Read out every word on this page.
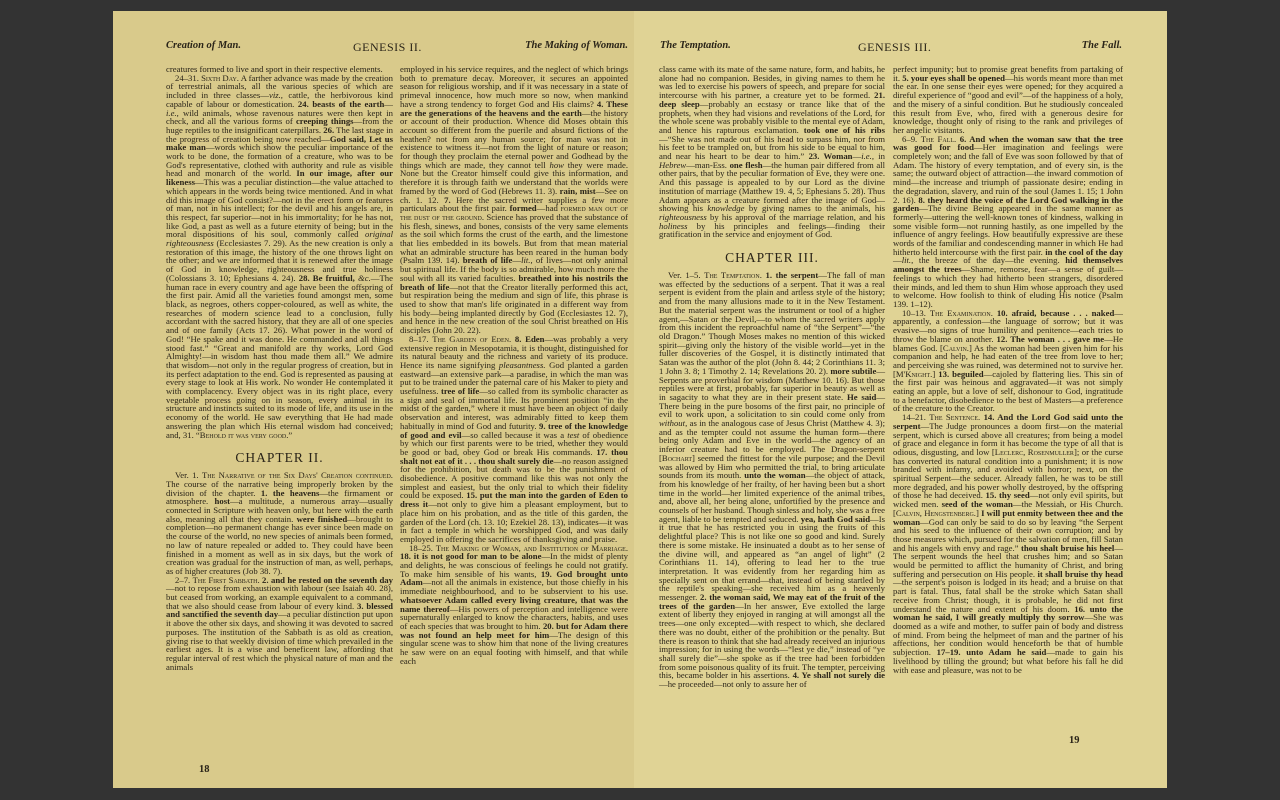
Creation of Man.	GENESIS II.	The Making of Woman.	The Temptation.	GENESIS III.	The Fall.

creatures formed to live and sport in their respective elements.

24–31. Sixth Day. A farther advance was made by the creation of terrestrial animals, all the various species of which are included in three classes—viz., cattle, the herbivorous kind capable of labour or domestication. 24. beasts of the earth—i.e., wild animals, whose ravenous natures were then kept in check, and all the various forms of creeping things—from the huge reptiles to the insignificant caterpillars. 26. The last stage in the progress of creation being now reached—God said, Let us make man—words which show the peculiar importance of the work to be done, the formation of a creature, who was to be God's representative, clothed with authority and rule as visible head and monarch of the world. In our image, after our likeness—This was a peculiar distinction—the value attached to which appears in the words being twice mentioned. And in what did this image of God consist?—not in the erect form or features of man, not in his intellect; for the devil and his angels are, in this respect, far superior—not in his immortality; for he has not, like God, a past as well as a future eternity of being; but in the moral dispositions of his soul, commonly called original righteousness (Ecclesiastes 7. 29). As the new creation is only a restoration of this image, the history of the one throws light on the other; and we are informed that it is renewed after the image of God in knowledge, righteousness and true holiness (Colossians 3. 10; Ephesians 4. 24). 28. Be fruitful, &c.—The human race in every country and age have been the offspring of the first pair. Amid all the varieties found amongst men, some black, as negroes, others copper-coloured, as well as white, the researches of modern science lead to a conclusion, fully accordant with the sacred history, that they are all of one species and of one family (Acts 17. 26). What power in the word of God! “He spake and it was done. He commanded and all things stood fast.” “Great and manifold are thy works, Lord God Almighty!—in wisdom hast thou made them all.” We admire that wisdom—not only in the regular progress of creation, but in its perfect adaptation to the end. God is represented as pausing at every stage to look at His work. No wonder He contemplated it with complacency. Every object was in its right place, every vegetable process going on in season, every animal in its structure and instincts suited to its mode of life, and its use in the economy of the world. He saw everything that He had made answering the plan which His eternal wisdom had conceived; and, 31. “Behold it was very good.”

CHAPTER II.

Ver. 1. The Narrative of the Six Days' Creation continued. The course of the narrative being improperly broken by the division of the chapter. 1. the heavens—the firmament or atmosphere. host—a multitude, a numerous array—usually connected in Scripture with heaven only, but here with the earth also, meaning all that they contain. were finished—brought to completion—no permanent change has ever since been made on the course of the world, no new species of animals been formed, no law of nature repealed or added to. They could have been finished in a moment as well as in six days, but the work of creation was gradual for the instruction of man, as well, perhaps, as of higher creatures (Job 38. 7).

2–7. The First Sabbath. 2. and he rested on the seventh day—not to repose from exhaustion with labour (see Isaiah 40. 28), but ceased from working, an example equivalent to a command, that we also should cease from labour of every kind. 3. blessed and sanctified the seventh day—a peculiar distinction put upon it above the other six days, and showing it was devoted to sacred purposes. The institution of the Sabbath is as old as creation, giving rise to that weekly division of time which prevailed in the earliest ages. It is a wise and beneficent law, affording that regular interval of rest which the physical nature of man and the animals

employed in his service requires, and the neglect of which brings both to premature decay. Moreover, it secures an appointed season for religious worship, and if it was necessary in a state of primeval innocence, how much more so now, when mankind have a strong tendency to forget God and His claims? 4. These are the generations of the heavens and the earth—the history or account of their production. Whence did Moses obtain this account so different from the puerile and absurd fictions of the heathen? not from any human source; for man was not in existence to witness it—not from the light of nature or reason; for though they proclaim the eternal power and Godhead by the things which are made, they cannot tell how they were made. None but the Creator himself could give this information, and therefore it is through faith we understand that the worlds were framed by the word of God (Hebrews 11. 3). rain, mist—See on ch. 1. 12. 7. Here the sacred writer supplies a few more particulars about the first pair. formed—had formed man out of the dust of the ground. Science has proved that the substance of his flesh, sinews, and bones, consists of the very same elements as the soil which forms the crust of the earth, and the limestone that lies embedded in its bowels. But from that mean material what an admirable structure has been reared in the human body (Psalm 139. 14). breath of life—lit., of lives—not only animal but spiritual life. If the body is so admirable, how much more the soul with all its varied faculties. breathed into his nostrils the breath of life—not that the Creator literally performed this act, but respiration being the medium and sign of life, this phrase is used to show that man's life originated in a different way from his body—being implanted directly by God (Ecclesiastes 12. 7), and hence in the new creation of the soul Christ breathed on His disciples (John 20. 22).

8–17. The Garden of Eden. 8. Eden—was probably a very extensive region in Mesopotamia, it is thought, distinguished for its natural beauty and the richness and variety of its produce. Hence its name signifying pleasantness. God planted a garden eastward—an extensive park—a paradise, in which the man was put to be trained under the paternal care of his Maker to piety and usefulness. tree of life—so called from its symbolic character as a sign and seal of immortal life. Its prominent position “in the midst of the garden,” where it must have been an object of daily observation and interest, was admirably fitted to keep them habitually in mind of God and futurity. 9. tree of the knowledge of good and evil—so called because it was a test of obedience by which our first parents were to be tried, whether they would be good or bad, obey God or break His commands. 17. thou shalt not eat of it . . . thou shalt surely die—no reason assigned for the prohibition, but death was to be the punishment of disobedience. A positive command like this was not only the simplest and easiest, but the only trial to which their fidelity could be exposed. 15. put the man into the garden of Eden to dress it—not only to give him a pleasant employment, but to place him on his probation, and as the title of this garden, the garden of the Lord (ch. 13. 10; Ezekiel 28. 13), indicates—it was in fact a temple in which he worshipped God, and was daily employed in offering the sacrifices of thanksgiving and praise.

18–25. The Making of Woman, and Institution of Marriage. 18. it is not good for man to be alone—In the midst of plenty and delights, he was conscious of feelings he could not gratify. To make him sensible of his wants, 19. God brought unto Adam—not all the animals in existence, but those chiefly in his immediate neighbourhood, and to be subservient to his use. whatsoever Adam called every living creature, that was the name thereof—His powers of perception and intelligence were supernaturally enlarged to know the characters, habits, and uses of each species that was brought to him. 20. but for Adam there was not found an help meet for him—The design of this singular scene was to show him that none of the living creatures he saw were on an equal footing with himself, and that while each

class came with its mate of the same nature, form, and habits, he alone had no companion. Besides, in giving names to them he was led to exercise his powers of speech, and prepare for social intercourse with his partner, a creature yet to be formed. 21. deep sleep—probably an ecstasy or trance like that of the prophets, when they had visions and revelations of the Lord, for the whole scene was probably visible to the mental eye of Adam, and hence his rapturous exclamation. took one of his ribs—“She was not made out of his head to surpass him, nor from his feet to be trampled on, but from his side to be equal to him, and near his heart to be dear to him.” 23. Woman—i.e., in Hebrew—man-Ess. one flesh—the human pair differed from all other pairs, that by the peculiar formation of Eve, they were one. And this passage is appealed to by our Lord as the divine institution of marriage (Matthew 19. 4, 5; Ephesians 5. 28). Thus Adam appears as a creature formed after the image of God—showing his knowledge by giving names to the animals, his righteousness by his approval of the marriage relation, and his holiness by his principles and feelings—finding their gratification in the service and enjoyment of God.

CHAPTER III.

Ver. 1–5. The Temptation. 1. the serpent—The fall of man was effected by the seductions of a serpent. That it was a real serpent is evident from the plain and artless style of the history; and from the many allusions made to it in the New Testament. But the material serpent was the instrument or tool of a higher agent,—Satan or the Devil,—to whom the sacred writers apply from this incident the reproachful name of “the Serpent”—“the old Dragon.” Though Moses makes no mention of this wicked spirit—giving only the history of the visible world—yet in the fuller discoveries of the Gospel, it is distinctly intimated that Satan was the author of the plot (John 8. 44; 2 Corinthians 11. 3; 1 John 3. 8; 1 Timothy 2. 14; Revelations 20. 2). more subtile—Serpents are proverbial for wisdom (Matthew 10. 16). But those reptiles were at first, probably, far superior in beauty as well as in sagacity to what they are in their present state. He said—There being in the pure bosoms of the first pair, no principle of evil to work upon, a solicitation to sin could come only from without, as in the analogous case of Jesus Christ (Matthew 4. 3); and as the tempter could not assume the human form—there being only Adam and Eve in the world—the agency of an inferior creature had to be employed. The Dragon-serpent [Bochart] seemed the fittest for the vile purpose; and the Devil was allowed by Him who permitted the trial, to bring articulate sounds from its mouth. unto the woman—the object of attack, from his knowledge of her frailty, of her having been but a short time in the world—her limited experience of the animal tribes, and, above all, her being alone, unfortified by the presence and counsels of her husband. Though sinless and holy, she was a free agent, liable to be tempted and seduced. yea, hath God said—Is it true that he has restricted you in using the fruits of this delightful place? This is not like one so good and kind. Surely there is some mistake. He insinuated a doubt as to her sense of the divine will, and appeared as “an angel of light” (2 Corinthians 11. 14), offering to lead her to the true interpretation. It was evidently from her regarding him as specially sent on that errand—that, instead of being startled by the reptile's speaking—she received him as a heavenly messenger. 2. the woman said, We may eat of the fruit of the trees of the garden—In her answer, Eve extolled the large extent of liberty they enjoyed in ranging at will amongst all the trees—one only excepted—with respect to which, she declared there was no doubt, either of the prohibition or the penalty. But there is reason to think that she had already received an injurious impression; for in using the words—“lest ye die,” instead of “ye shall surely die”—she spoke as if the tree had been forbidden from some poisonous quality of its fruit. The tempter, perceiving this, became bolder in his assertions. 4. Ye shall not surely die—he proceeded—not only to assure her of

perfect impunity; but to promise great benefits from partaking of it. 5. your eyes shall be opened—his words meant more than met the ear. In one sense their eyes were opened; for they acquired a direful experience of “good and evil”—of the happiness of a holy, and the misery of a sinful condition. But he studiously concealed this result from Eve, who, fired with a generous desire for knowledge, thought only of rising to the rank and privileges of her angelic visitants.

6–9. The Fall. 6. And when the woman saw that the tree was good for food—Her imagination and feelings were completely won; and the fall of Eve was soon followed by that of Adam. The history of every temptation, and of every sin, is the same; the outward object of attraction—the inward commotion of mind—the increase and triumph of passionate desire; ending in the degradation, slavery, and ruin of the soul (James 1. 15; 1 John 2. 16). 8. they heard the voice of the Lord God walking in the garden—The divine Being appeared in the same manner as formerly—uttering the well-known tones of kindness, walking in some visible form—not running hastily, as one impelled by the influence of angry feelings. How beautifully expressive are these words of the familiar and condescending manner in which He had hitherto held intercourse with the first pair. in the cool of the day—lit., the breeze of the day—the evening. hid themselves amongst the trees—Shame, remorse, fear—a sense of guilt—feelings to which they had hitherto been strangers, disordered their minds, and led them to shun Him whose approach they used to welcome. How foolish to think of eluding His notice (Psalm 139. 1–12).

10–13. The Examination. 10. afraid, because . . . naked—apparently, a confession—the language of sorrow; but it was evasive—no signs of true humility and penitence—each tries to throw the blame on another. 12. The woman . . . gave me—He blames God. [Calvin.] As the woman had been given him for his companion and help, he had eaten of the tree from love to her; and perceiving she was ruined, was determined not to survive her. [M'Knight.] 13. beguiled—cajoled by flattering lies. This sin of the first pair was heinous and aggravated—it was not simply eating an apple, but a love of self, dishonour to God, ingratitude to a benefactor, disobedience to the best of Masters—a preference of the creature to the Creator.

14–21. The Sentence. 14. And the Lord God said unto the serpent—The Judge pronounces a doom first—on the material serpent, which is cursed above all creatures; from being a model of grace and elegance in form it has become the type of all that is odious, disgusting, and low [Leclerc, Rosenmuller]; or the curse has converted its natural condition into a punishment; it is now branded with infamy, and avoided with horror; next, on the spiritual Serpent—the seducer. Already fallen, he was to be still more degraded, and his power wholly destroyed, by the offspring of those he had deceived. 15. thy seed—not only evil spirits, but wicked men. seed of the woman—the Messiah, or His Church. [Calvin, Hengstenberg.] I will put enmity between thee and the woman—God can only be said to do so by leaving “the Serpent and his seed to the influence of their own corruption; and by those measures which, pursued for the salvation of men, fill Satan and his angels with envy and rage.” thou shalt bruise his heel—The serpent wounds the heel that crushes him; and so Satan would be permitted to afflict the humanity of Christ, and bring suffering and persecution on His people. it shall bruise thy head—the serpent's poison is lodged in its head; and a bruise on that part is fatal. Thus, fatal shall be the stroke which Satan shall receive from Christ; though, it is probable, he did not first understand the nature and extent of his doom. 16. unto the woman he said, I will greatly multiply thy sorrow—She was doomed as a wife and mother, to suffer pain of body and distress of mind. From being the helpmeet of man and the partner of his affections, her condition would henceforth be that of humble subjection. 17–19. unto Adam he said—made to gain his livelihood by tilling the ground; but what before his fall he did with ease and pleasure, was not to be

18
19
